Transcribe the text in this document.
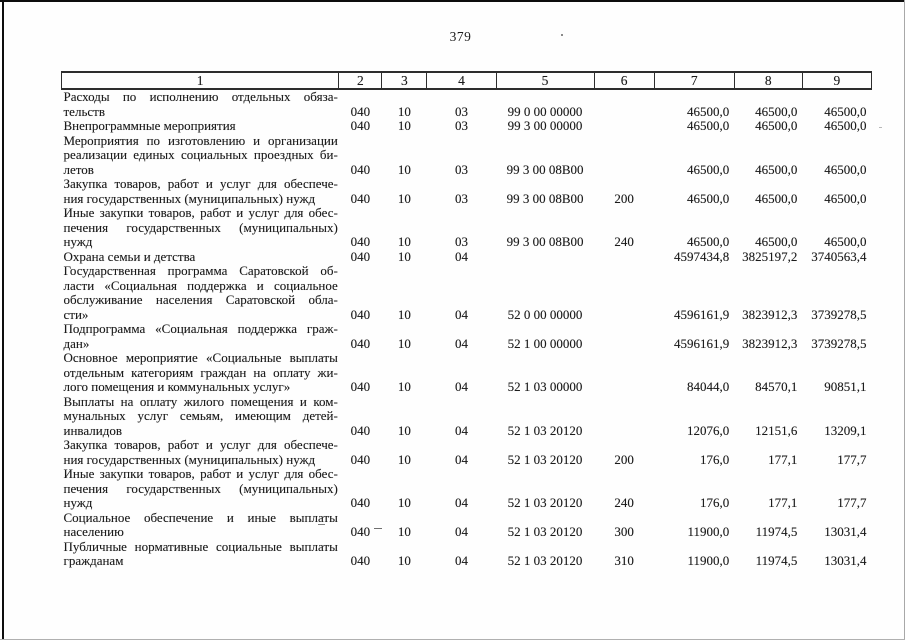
379
1	2	3	4	5	6	7	8	9

Расходы по исполнению отдельных обяза-
тельств	040	10	03	99 0 00 00000		46500,0	46500,0	46500,0

Внепрограммные мероприятия	040	10	03	99 3 00 00000		46500,0	46500,0	46500,0

Мероприятия по изготовлению и организации
реализации единых социальных проездных би-
летов	040	10	03	99 3 00 08В00		46500,0	46500,0	46500,0

Закупка товаров, работ и услуг для обеспече-
ния государственных (муниципальных) нужд	040	10	03	99 3 00 08В00	200	46500,0	46500,0	46500,0

Иные закупки товаров, работ и услуг для обес-
печения государственных (муниципальных)
нужд	040	10	03	99 3 00 08В00	240	46500,0	46500,0	46500,0

Охрана семьи и детства	040	10	04			4597434,8	3825197,2	3740563,4

Государственная программа Саратовской об-
ласти «Социальная поддержка и социальное
обслуживание населения Саратовской обла-
сти»	040	10	04	52 0 00 00000		4596161,9	3823912,3	3739278,5

Подпрограмма «Социальная поддержка граж-
дан»	040	10	04	52 1 00 00000		4596161,9	3823912,3	3739278,5

Основное мероприятие «Социальные выплаты
отдельным категориям граждан на оплату жи-
лого помещения и коммунальных услуг»	040	10	04	52 1 03 00000		84044,0	84570,1	90851,1

Выплаты на оплату жилого помещения и ком-
мунальных услуг семьям, имеющим детей-
инвалидов	040	10	04	52 1 03 20120		12076,0	12151,6	13209,1

Закупка товаров, работ и услуг для обеспече-
ния государственных (муниципальных) нужд	040	10	04	52 1 03 20120	200	176,0	177,1	177,7

Иные закупки товаров, работ и услуг для обес-
печения государственных (муниципальных)
нужд	040	10	04	52 1 03 20120	240	176,0	177,1	177,7

Социальное обеспечение и иные выплаты
населению	040	10	04	52 1 03 20120	300	11900,0	11974,5	13031,4

Публичные нормативные социальные выплаты
гражданам	040	10	04	52 1 03 20120	310	11900,0	11974,5	13031,4
